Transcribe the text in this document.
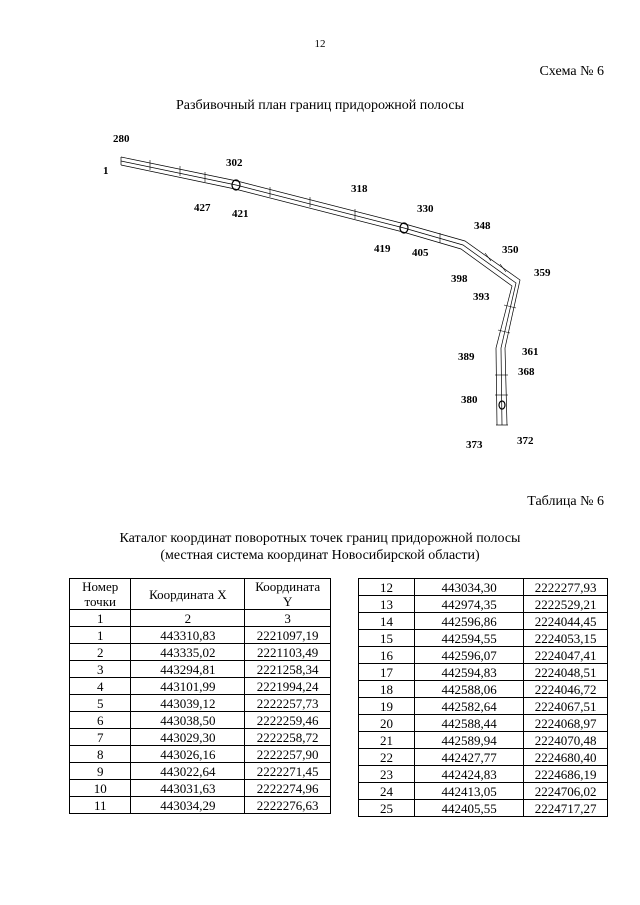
12
Схема № 6
Разбивочный план границ придорожной полосы
280
1
302
427 421
318
330
419 405
348
350
359
398
393
389	361
368
380
373	372
Таблица № 6
Каталог координат поворотных точек границ придорожной полосы
(местная система координат Новосибирской области)
Номер точки	Координата X	Координата Y
1	2	3
1	443310,83	2221097,19
2	443335,02	2221103,49
3	443294,81	2221258,34
4	443101,99	2221994,24
5	443039,12	2222257,73
6	443038,50	2222259,46
7	443029,30	2222258,72
8	443026,16	2222257,90
9	443022,64	2222271,45
10	443031,63	2222274,96
11	443034,29	2222276,63
12	443034,30	2222277,93
13	442974,35	2222529,21
14	442596,86	2224044,45
15	442594,55	2224053,15
16	442596,07	2224047,41
17	442594,83	2224048,51
18	442588,06	2224046,72
19	442582,64	2224067,51
20	442588,44	2224068,97
21	442589,94	2224070,48
22	442427,77	2224680,40
23	442424,83	2224686,19
24	442413,05	2224706,02
25	442405,55	2224717,27
